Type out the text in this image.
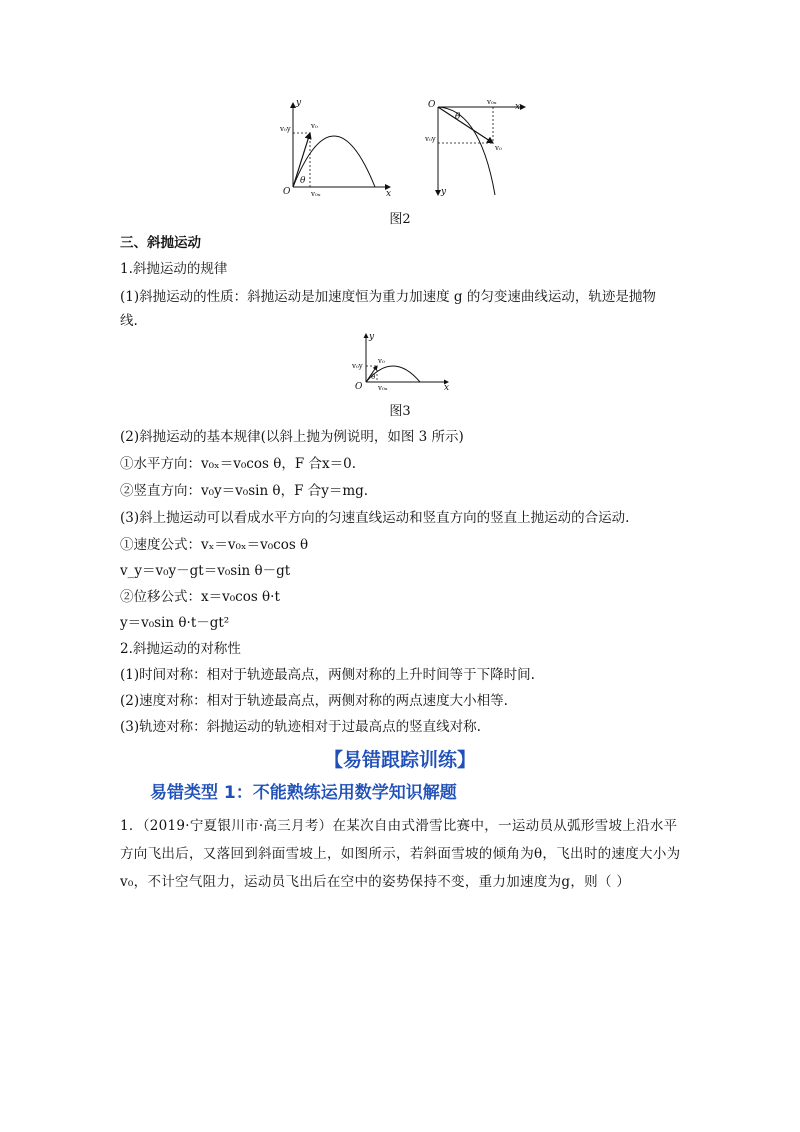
y
x
O
v₀
v₀y
v₀ₓ
θ
O	x
y
v₀ₓ
v₀y
v₀
θ
图2
三、斜抛运动
1.斜抛运动的规律
(1)斜抛运动的性质：斜抛运动是加速度恒为重力加速度 g 的匀变速曲线运动，轨迹是抛物
线.
y
x
O
v₀
v₀y
v₀ₓ
θ
图3
(2)斜抛运动的基本规律(以斜上抛为例说明，如图 3 所示)
①水平方向：v₀ₓ＝v₀cos θ，F 合x＝0.
②竖直方向：v₀y＝v₀sin θ，F 合y＝mg.
(3)斜上抛运动可以看成水平方向的匀速直线运动和竖直方向的竖直上抛运动的合运动.
①速度公式：vₓ＝v₀ₓ＝v₀cos θ
v_y＝v₀y－gt＝v₀sin θ－gt
②位移公式：x＝v₀cos θ·t
y＝v₀sin θ·t－gt²
2.斜抛运动的对称性
(1)时间对称：相对于轨迹最高点，两侧对称的上升时间等于下降时间.
(2)速度对称：相对于轨迹最高点，两侧对称的两点速度大小相等.
(3)轨迹对称：斜抛运动的轨迹相对于过最高点的竖直线对称.
【易错跟踪训练】
易错类型 1：不能熟练运用数学知识解题
1．（2019·宁夏银川市·高三月考）在某次自由式滑雪比赛中，一运动员从弧形雪坡上沿水平方向飞出后，又落回到斜面雪坡上，如图所示，若斜面雪坡的倾角为θ，飞出时的速度大小为v₀，不计空气阻力，运动员飞出后在空中的姿势保持不变，重力加速度为g，则（ ）
